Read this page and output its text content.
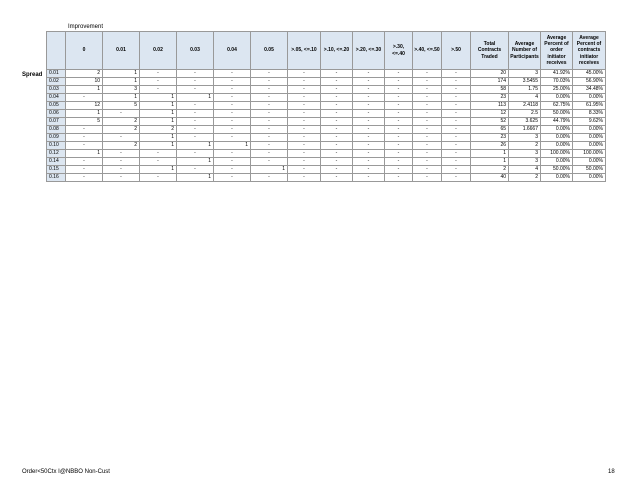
Improvement
Spread
	0	0.01	0.02	0.03	0.04	0.05	>.05, <=.10	>.10, <=.20	>.20, <=.30	>.30, <=.40	>.40, <=.50	>.50	Total Contracts Traded	Average Number of Participants	Average Percent of order initiator receives	Average Percent of contracts initiator receives
0.01	2	1	-	-	-	-	-	-	-	-	-	-	20	3	41.92%	45.00%
0.02	10	1	-	-	-	-	-	-	-	-	-	-	174	3.5455	70.03%	56.90%
0.03	1	3	-	-	-	-	-	-	-	-	-	-	58	1.75	25.00%	34.48%
0.04	-	1	1	1	-	-	-	-	-	-	-	-	23	4	0.00%	0.00%
0.05	12	5	1	-	-	-	-	-	-	-	-	-	113	2.4118	62.75%	61.95%
0.06	1	-	1	-	-	-	-	-	-	-	-	-	12	2.5	50.00%	8.33%
0.07	5	2	1	-	-	-	-	-	-	-	-	-	52	3.625	44.79%	9.62%
0.08	-	2	2	-	-	-	-	-	-	-	-	-	65	1.6667	0.00%	0.00%
0.09	-	-	1	-	-	-	-	-	-	-	-	-	23	3	0.00%	0.00%
0.10	-	2	1	1	1	-	-	-	-	-	-	-	26	2	0.00%	0.00%
0.12	1	-	-	-	-	-	-	-	-	-	-	-	1	3	100.00%	100.00%
0.14	-	-	-	1	-	-	-	-	-	-	-	-	1	3	0.00%	0.00%
0.15	-	-	1	-	-	1	-	-	-	-	-	-	2	4	50.00%	50.00%
0.16	-	-	-	1	-	-	-	-	-	-	-	-	40	2	0.00%	0.00%
Order<50Ctx I@NBBO Non-Cust	18
